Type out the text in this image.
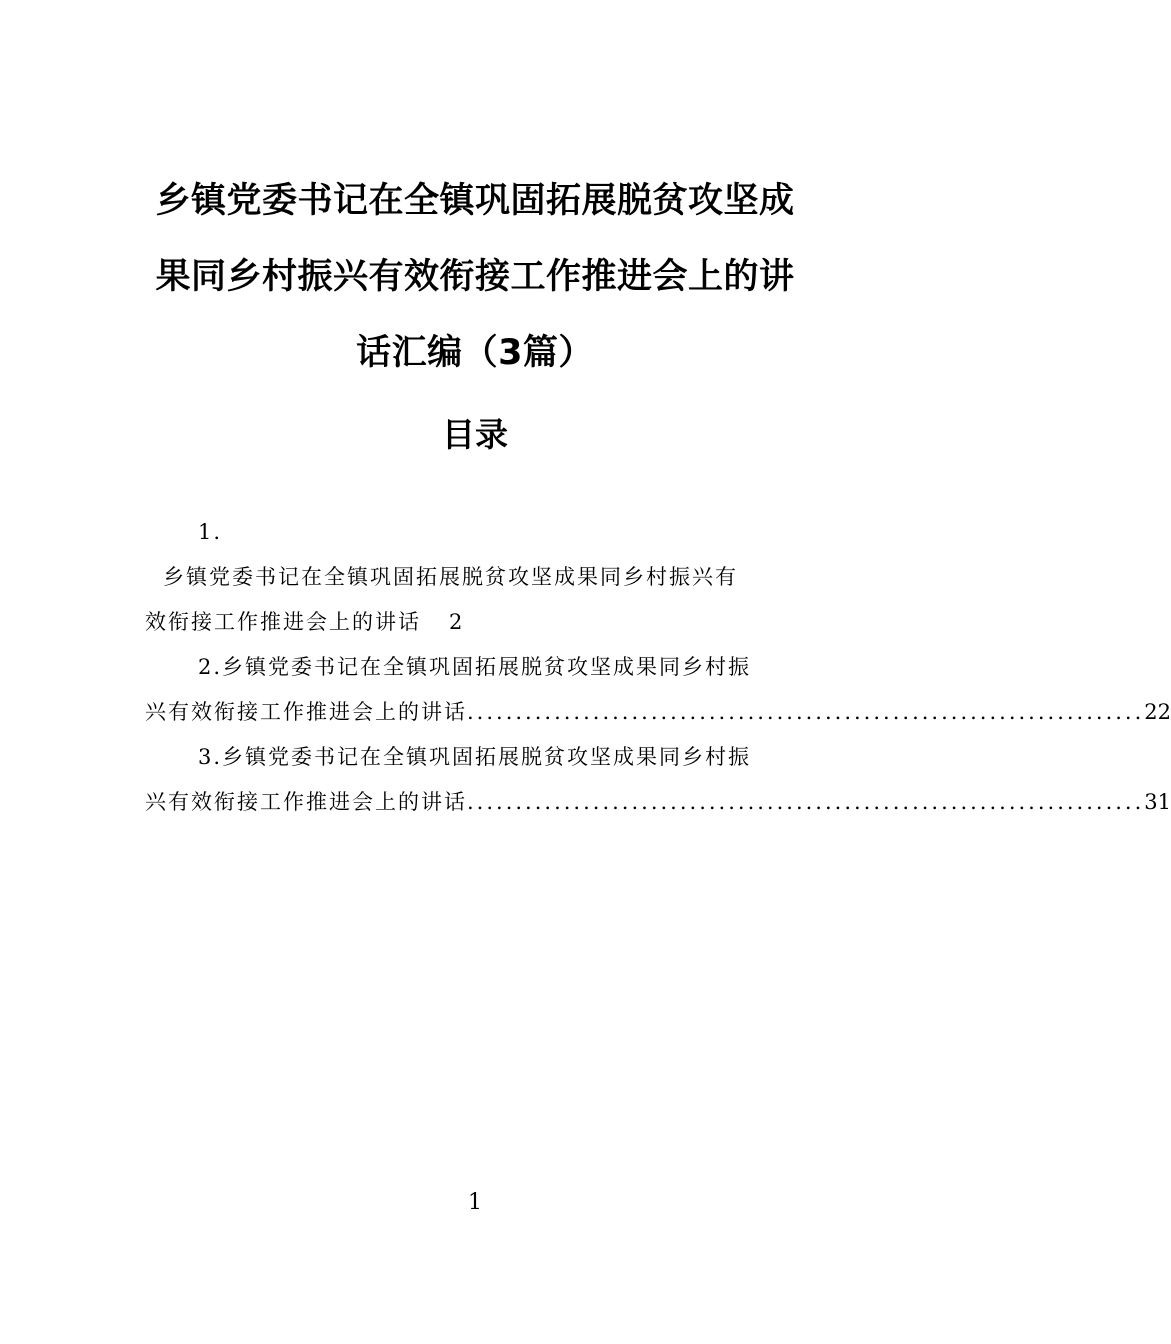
乡镇党委书记在全镇巩固拓展脱贫攻坚成
果同乡村振兴有效衔接工作推进会上的讲
话汇编（3篇）
目录
1.
乡镇党委书记在全镇巩固拓展脱贫攻坚成果同乡村振兴有
效衔接工作推进会上的讲话 2
2.乡镇党委书记在全镇巩固拓展脱贫攻坚成果同乡村振
兴有效衔接工作推进会上的讲话 ...................................................................... 22
3.乡镇党委书记在全镇巩固拓展脱贫攻坚成果同乡村振
兴有效衔接工作推进会上的讲话 ...................................................................... 31
1
